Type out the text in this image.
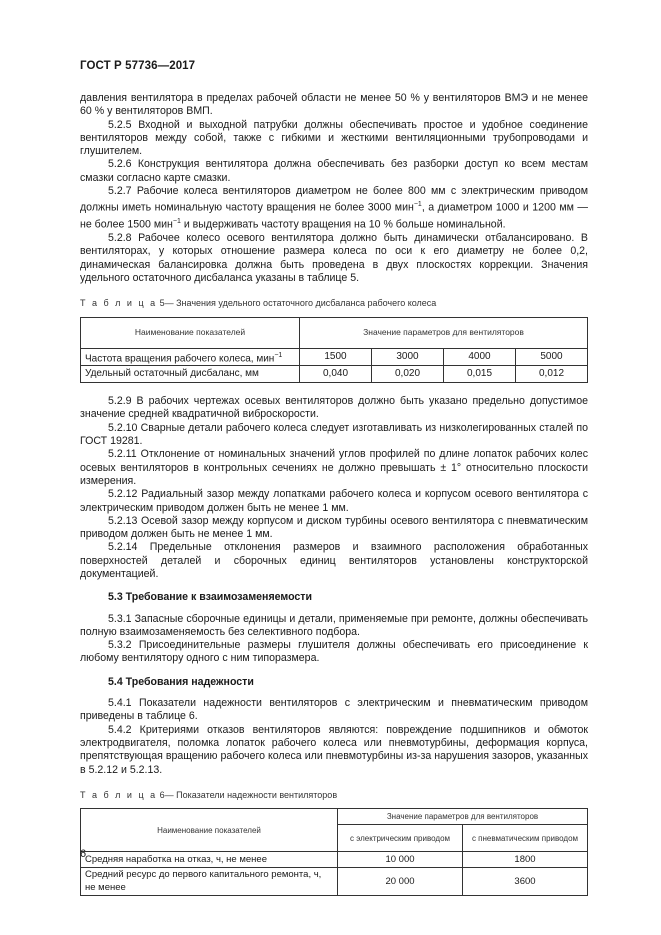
ГОСТ Р 57736—2017

давления вентилятора в пределах рабочей области не менее 50 % у вентиляторов ВМЭ и не менее 60 % у вентиляторов ВМП.

5.2.5 Входной и выходной патрубки должны обеспечивать простое и удобное соединение вентиляторов между собой, также с гибкими и жесткими вентиляционными трубопроводами и глушителем.

5.2.6 Конструкция вентилятора должна обеспечивать без разборки доступ ко всем местам смазки согласно карте смазки.

5.2.7 Рабочие колеса вентиляторов диаметром не более 800 мм с электрическим приводом должны иметь номинальную частоту вращения не более 3000 мин$^{-1}$, а диаметром 1000 и 1200 мм — не более 1500 мин$^{-1}$ и выдерживать частоту вращения на 10 % больше номинальной.

5.2.8 Рабочее колесо осевого вентилятора должно быть динамически отбалансировано. В вентиляторах, у которых отношение размера колеса по оси к его диаметру не более 0,2, динамическая балансировка должна быть проведена в двух плоскостях коррекции. Значения удельного остаточного дисбаланса указаны в таблице 5.

Т а б л и ц а 5— Значения удельного остаточного дисбаланса рабочего колеса

Наименование показателей	Значение параметров для вентиляторов			
Частота вращения рабочего колеса, мин$^{-1}$	1500	3000	4000	5000
Удельный остаточный дисбаланс, мм	0,040	0,020	0,015	0,012

5.2.9 В рабочих чертежах осевых вентиляторов должно быть указано предельно допустимое значение средней квадратичной виброскорости.

5.2.10 Сварные детали рабочего колеса следует изготавливать из низколегированных сталей по ГОСТ 19281.

5.2.11 Отклонение от номинальных значений углов профилей по длине лопаток рабочих колес осевых вентиляторов в контрольных сечениях не должно превышать ± 1° относительно плоскости измерения.

5.2.12 Радиальный зазор между лопатками рабочего колеса и корпусом осевого вентилятора с электрическим приводом должен быть не менее 1 мм.

5.2.13 Осевой зазор между корпусом и диском турбины осевого вентилятора с пневматическим приводом должен быть не менее 1 мм.

5.2.14 Предельные отклонения размеров и взаимного расположения обработанных поверхностей деталей и сборочных единиц вентиляторов установлены конструкторской документацией.

5.3 Требование к взаимозаменяемости

5.3.1 Запасные сборочные единицы и детали, применяемые при ремонте, должны обеспечивать полную взаимозаменяемость без селективного подбора.

5.3.2 Присоединительные размеры глушителя должны обеспечивать его присоединение к любому вентилятору одного с ним типоразмера.

5.4 Требования надежности

5.4.1 Показатели надежности вентиляторов с электрическим и пневматическим приводом приведены в таблице 6.

5.4.2 Критериями отказов вентиляторов являются: повреждение подшипников и обмоток электродвигателя, поломка лопаток рабочего колеса или пневмотурбины, деформация корпуса, препятствующая вращению рабочего колеса или пневмотурбины из-за нарушения зазоров, указанных в 5.2.12 и 5.2.13.

Т а б л и ц а 6— Показатели надежности вентиляторов

Наименование показателей	Значение параметров для вентиляторов	
	с электрическим приводом	с пневматическим приводом
Средняя наработка на отказ, ч, не менее	10 000	1800
Средний ресурс до первого капитального ремонта, ч, не менее	20 000	3600
6
